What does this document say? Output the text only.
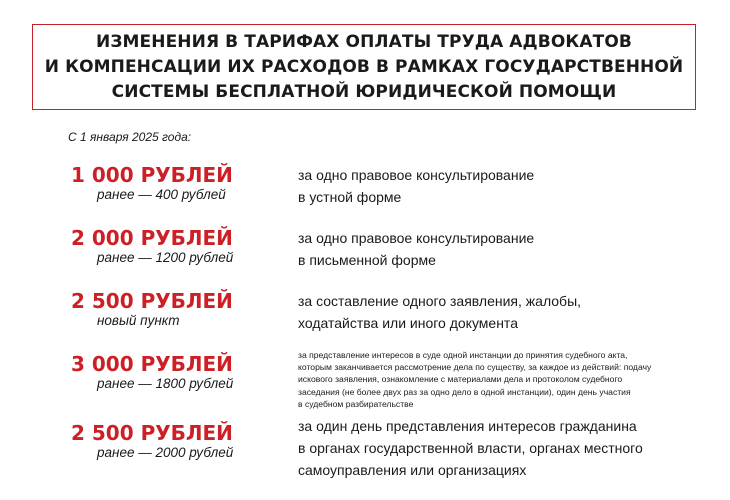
ИЗМЕНЕНИЯ В ТАРИФАХ ОПЛАТЫ ТРУДА АДВОКАТОВ
И КОМПЕНСАЦИИ ИХ РАСХОДОВ В РАМКАХ ГОСУДАРСТВЕННОЙ
СИСТЕМЫ БЕСПЛАТНОЙ ЮРИДИЧЕСКОЙ ПОМОЩИ
С 1 января 2025 года:
1 000 РУБЛЕЙ
ранее — 400 рублей
за одно правовое консультирование
в устной форме
2 000 РУБЛЕЙ
ранее — 1200 рублей
за одно правовое консультирование
в письменной форме
2 500 РУБЛЕЙ
новый пункт
за составление одного заявления, жалобы,
ходатайства или иного документа
3 000 РУБЛЕЙ
ранее — 1800 рублей
за представление интересов в суде одной инстанции до принятия судебного акта,
которым заканчивается рассмотрение дела по существу, за каждое из действий: подачу
искового заявления, ознакомление с материалами дела и протоколом судебного
заседания (не более двух раз за одно дело в одной инстанции), один день участия
в судебном разбирательстве
2 500 РУБЛЕЙ
ранее — 2000 рублей
за один день представления интересов гражданина
в органах государственной власти, органах местного
самоуправления или организациях
